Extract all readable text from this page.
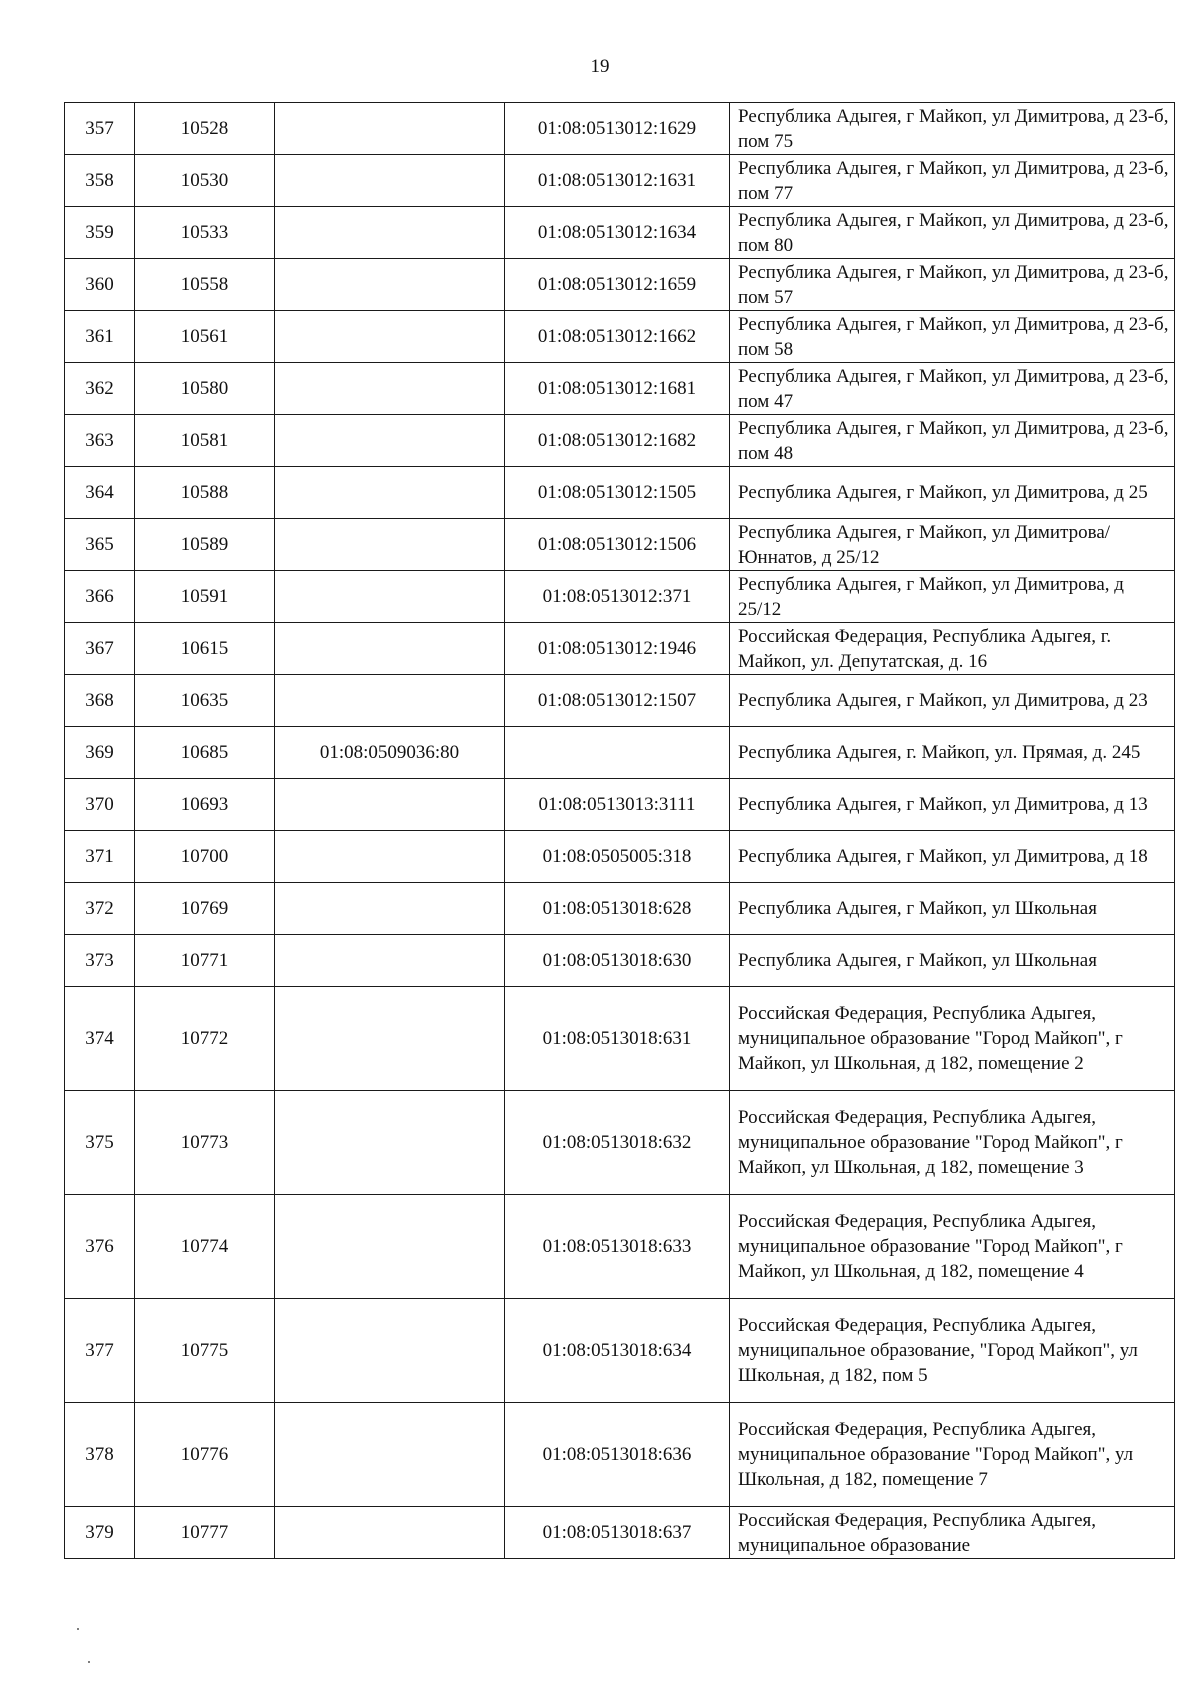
19
357	10528		01:08:0513012:1629	Республика Адыгея, г Майкоп, ул Димитрова, д 23-б, пом 75
358	10530		01:08:0513012:1631	Республика Адыгея, г Майкоп, ул Димитрова, д 23-б, пом 77
359	10533		01:08:0513012:1634	Республика Адыгея, г Майкоп, ул Димитрова, д 23-б, пом 80
360	10558		01:08:0513012:1659	Республика Адыгея, г Майкоп, ул Димитрова, д 23-б, пом 57
361	10561		01:08:0513012:1662	Республика Адыгея, г Майкоп, ул Димитрова, д 23-б, пом 58
362	10580		01:08:0513012:1681	Республика Адыгея, г Майкоп, ул Димитрова, д 23-б, пом 47
363	10581		01:08:0513012:1682	Республика Адыгея, г Майкоп, ул Димитрова, д 23-б, пом 48
364	10588		01:08:0513012:1505	Республика Адыгея, г Майкоп, ул Димитрова, д 25
365	10589		01:08:0513012:1506	Республика Адыгея, г Майкоп, ул Димитрова/Юннатов, д 25/12
366	10591		01:08:0513012:371	Республика Адыгея, г Майкоп, ул Димитрова, д 25/12
367	10615		01:08:0513012:1946	Российская Федерация, Республика Адыгея, г. Майкоп, ул. Депутатская, д. 16
368	10635		01:08:0513012:1507	Республика Адыгея, г Майкоп, ул Димитрова, д 23
369	10685	01:08:0509036:80		Республика Адыгея, г. Майкоп, ул. Прямая, д. 245
370	10693		01:08:0513013:3111	Республика Адыгея, г Майкоп, ул Димитрова, д 13
371	10700		01:08:0505005:318	Республика Адыгея, г Майкоп, ул Димитрова, д 18
372	10769		01:08:0513018:628	Республика Адыгея, г Майкоп, ул Школьная
373	10771		01:08:0513018:630	Республика Адыгея, г Майкоп, ул Школьная
374	10772		01:08:0513018:631	Российская Федерация, Республика Адыгея, муниципальное образование "Город Майкоп", г Майкоп, ул Школьная, д 182, помещение 2
375	10773		01:08:0513018:632	Российская Федерация, Республика Адыгея, муниципальное образование "Город Майкоп", г Майкоп, ул Школьная, д 182, помещение 3
376	10774		01:08:0513018:633	Российская Федерация, Республика Адыгея, муниципальное образование "Город Майкоп", г Майкоп, ул Школьная, д 182, помещение 4
377	10775		01:08:0513018:634	Российская Федерация, Республика Адыгея, муниципальное образование, "Город Майкоп", ул Школьная, д 182, пом 5
378	10776		01:08:0513018:636	Российская Федерация, Республика Адыгея, муниципальное образование "Город Майкоп", ул Школьная, д 182, помещение 7
379	10777		01:08:0513018:637	Российская Федерация, Республика Адыгея, муниципальное образование
